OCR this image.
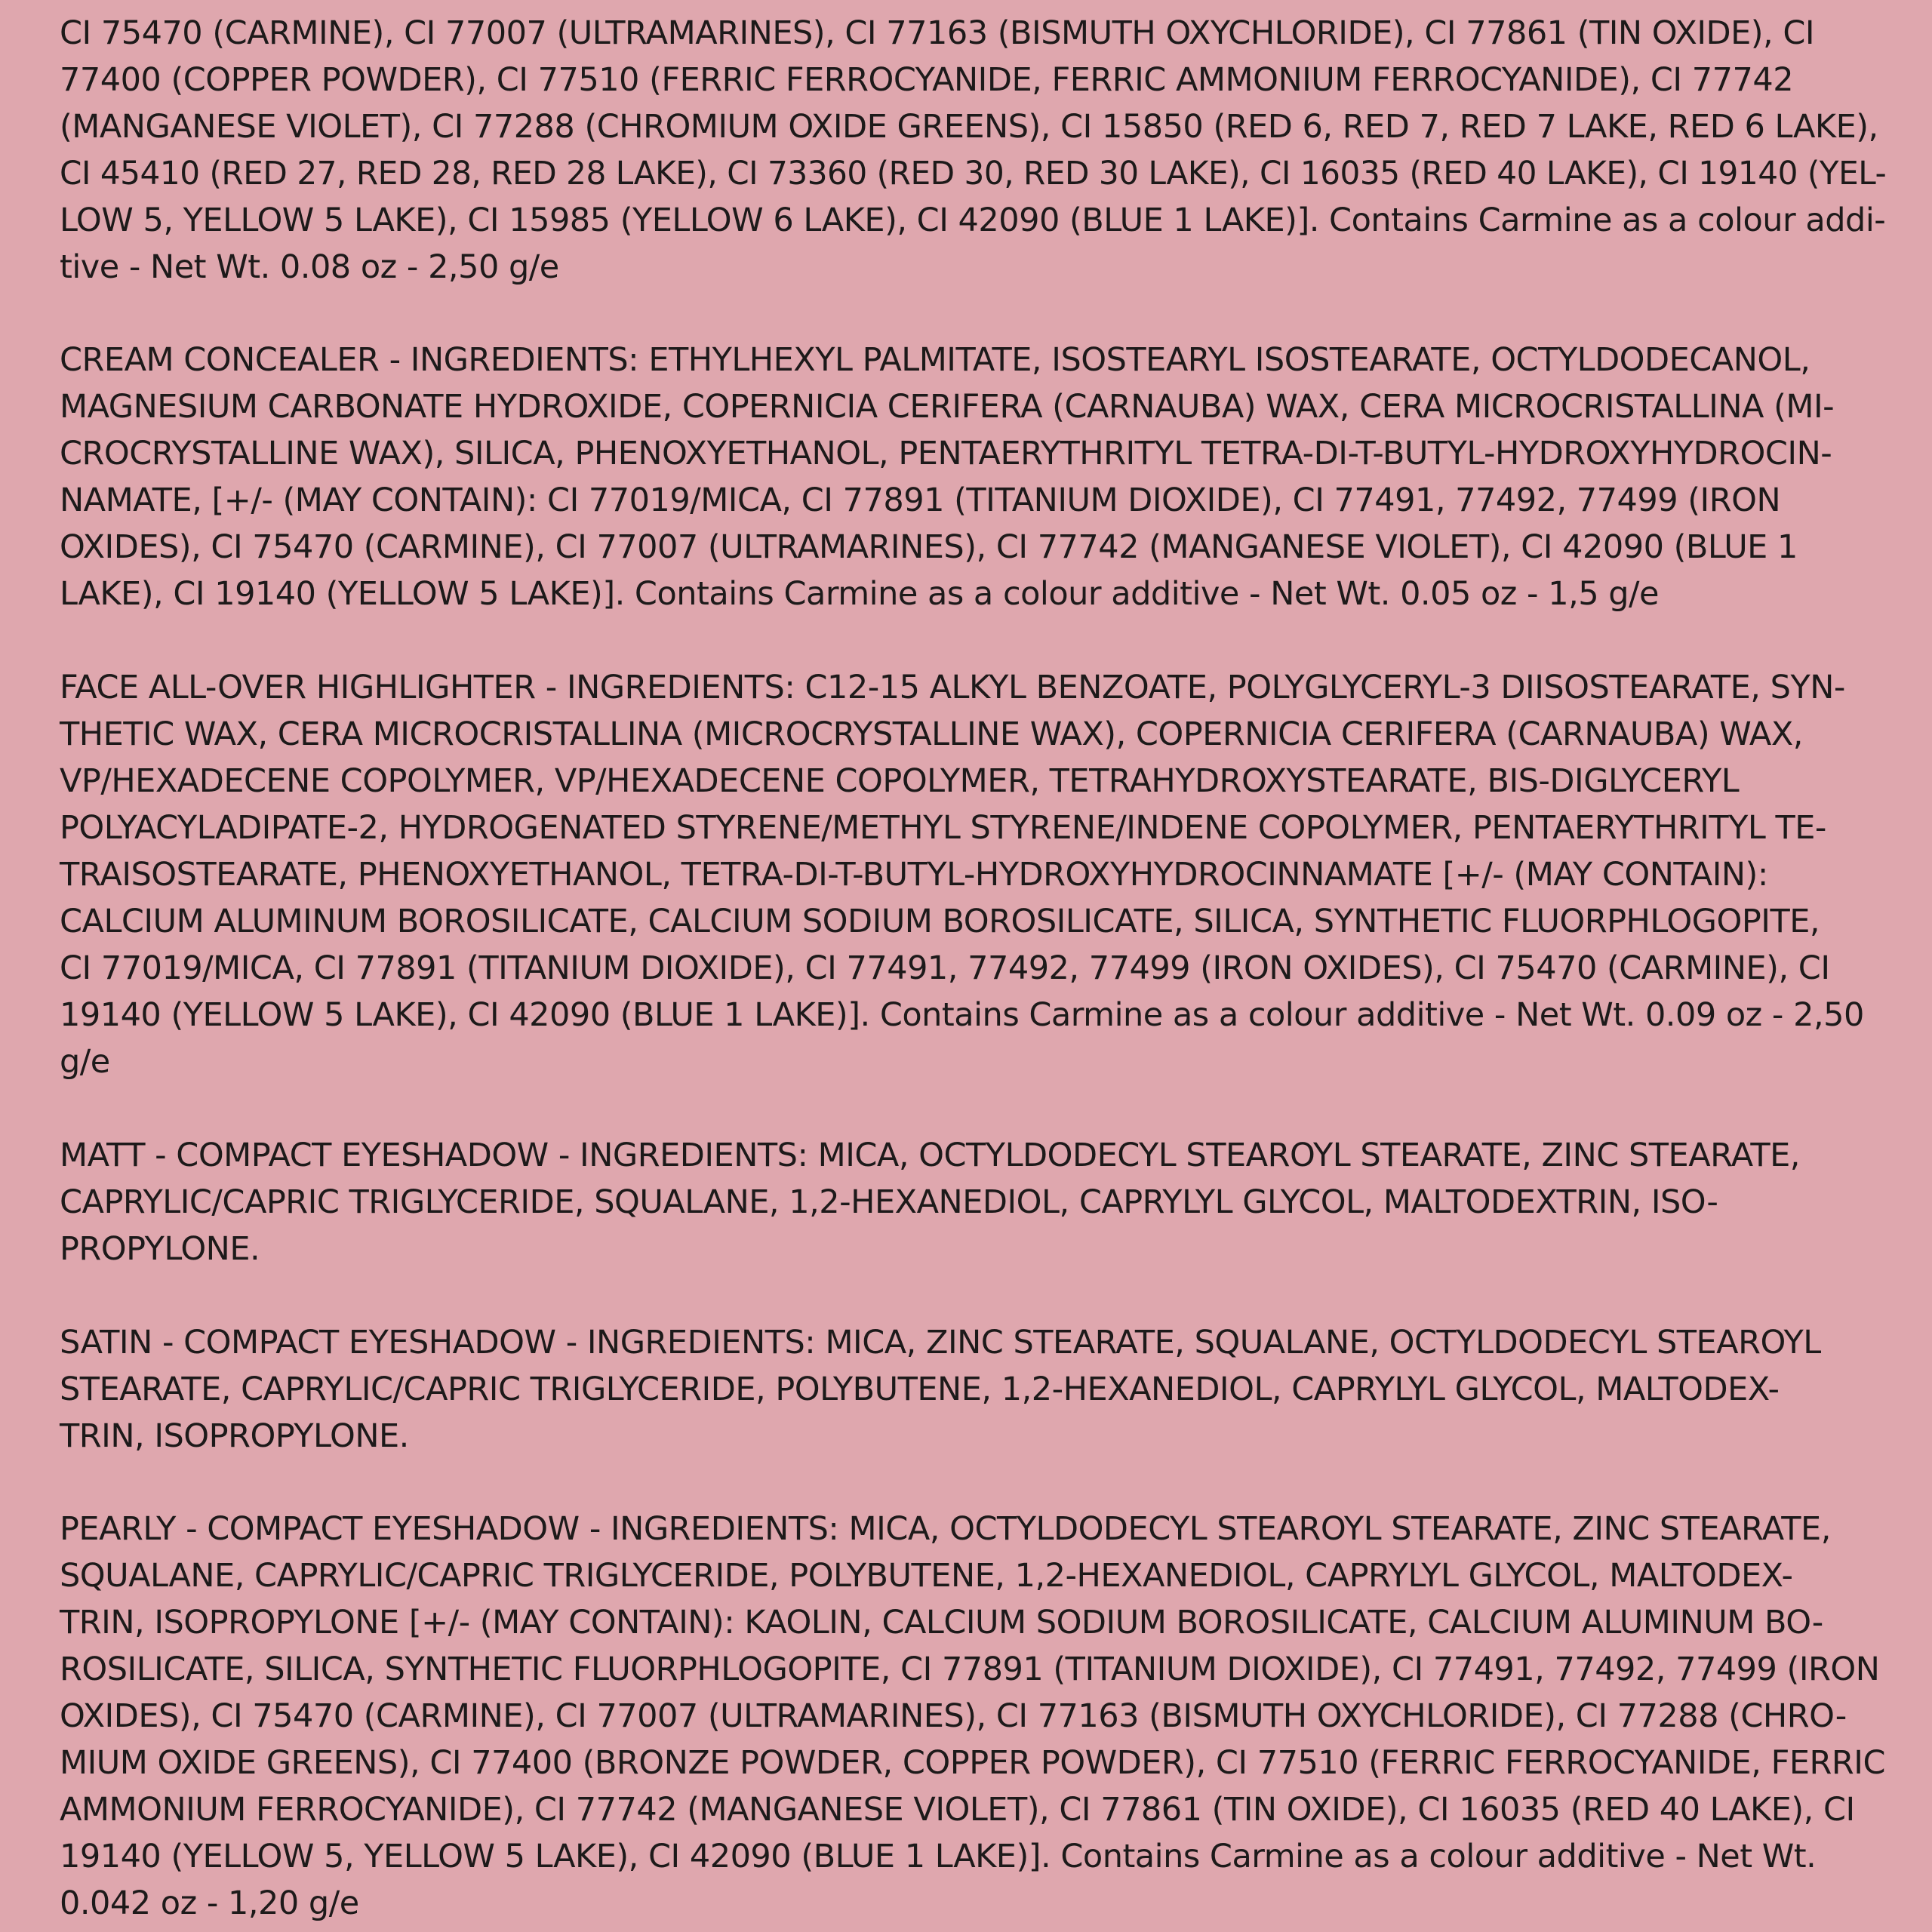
CI 75470 (CARMINE), CI 77007 (ULTRAMARINES), CI 77163 (BISMUTH OXYCHLORIDE), CI 77861 (TIN OXIDE), CI
77400 (COPPER POWDER), CI 77510 (FERRIC FERROCYANIDE, FERRIC AMMONIUM FERROCYANIDE), CI 77742
(MANGANESE VIOLET), CI 77288 (CHROMIUM OXIDE GREENS), CI 15850 (RED 6, RED 7, RED 7 LAKE, RED 6 LAKE),
CI 45410 (RED 27, RED 28, RED 28 LAKE), CI 73360 (RED 30, RED 30 LAKE), CI 16035 (RED 40 LAKE), CI 19140 (YEL-
LOW 5, YELLOW 5 LAKE), CI 15985 (YELLOW 6 LAKE), CI 42090 (BLUE 1 LAKE)]. Contains Carmine as a colour addi-
tive - Net Wt. 0.08 oz - 2,50 g/e
CREAM CONCEALER - INGREDIENTS: ETHYLHEXYL PALMITATE, ISOSTEARYL ISOSTEARATE, OCTYLDODECANOL,
MAGNESIUM CARBONATE HYDROXIDE, COPERNICIA CERIFERA (CARNAUBA) WAX, CERA MICROCRISTALLINA (MI-
CROCRYSTALLINE WAX), SILICA, PHENOXYETHANOL, PENTAERYTHRITYL TETRA-DI-T-BUTYL-HYDROXYHYDROCIN-
NAMATE, [+/- (MAY CONTAIN): CI 77019/MICA, CI 77891 (TITANIUM DIOXIDE), CI 77491, 77492, 77499 (IRON
OXIDES), CI 75470 (CARMINE), CI 77007 (ULTRAMARINES), CI 77742 (MANGANESE VIOLET), CI 42090 (BLUE 1
LAKE), CI 19140 (YELLOW 5 LAKE)]. Contains Carmine as a colour additive - Net Wt. 0.05 oz - 1,5 g/e
FACE ALL-OVER HIGHLIGHTER - INGREDIENTS: C12-15 ALKYL BENZOATE, POLYGLYCERYL-3 DIISOSTEARATE, SYN-
THETIC WAX, CERA MICROCRISTALLINA (MICROCRYSTALLINE WAX), COPERNICIA CERIFERA (CARNAUBA) WAX,
VP/HEXADECENE COPOLYMER, VP/HEXADECENE COPOLYMER, TETRAHYDROXYSTEARATE, BIS-DIGLYCERYL
POLYACYLADIPATE-2, HYDROGENATED STYRENE/METHYL STYRENE/INDENE COPOLYMER, PENTAERYTHRITYL TE-
TRAISOSTEARATE, PHENOXYETHANOL, TETRA-DI-T-BUTYL-HYDROXYHYDROCINNAMATE [+/- (MAY CONTAIN):
CALCIUM ALUMINUM BOROSILICATE, CALCIUM SODIUM BOROSILICATE, SILICA, SYNTHETIC FLUORPHLOGOPITE,
CI 77019/MICA, CI 77891 (TITANIUM DIOXIDE), CI 77491, 77492, 77499 (IRON OXIDES), CI 75470 (CARMINE), CI
19140 (YELLOW 5 LAKE), CI 42090 (BLUE 1 LAKE)]. Contains Carmine as a colour additive - Net Wt. 0.09 oz - 2,50
g/e
MATT - COMPACT EYESHADOW - INGREDIENTS: MICA, OCTYLDODECYL STEAROYL STEARATE, ZINC STEARATE,
CAPRYLIC/CAPRIC TRIGLYCERIDE, SQUALANE, 1,2-HEXANEDIOL, CAPRYLYL GLYCOL, MALTODEXTRIN, ISO-
PROPYLONE.
SATIN - COMPACT EYESHADOW - INGREDIENTS: MICA, ZINC STEARATE, SQUALANE, OCTYLDODECYL STEAROYL
STEARATE, CAPRYLIC/CAPRIC TRIGLYCERIDE, POLYBUTENE, 1,2-HEXANEDIOL, CAPRYLYL GLYCOL, MALTODEX-
TRIN, ISOPROPYLONE.
PEARLY - COMPACT EYESHADOW - INGREDIENTS: MICA, OCTYLDODECYL STEAROYL STEARATE, ZINC STEARATE,
SQUALANE, CAPRYLIC/CAPRIC TRIGLYCERIDE, POLYBUTENE, 1,2-HEXANEDIOL, CAPRYLYL GLYCOL, MALTODEX-
TRIN, ISOPROPYLONE [+/- (MAY CONTAIN): KAOLIN, CALCIUM SODIUM BOROSILICATE, CALCIUM ALUMINUM BO-
ROSILICATE, SILICA, SYNTHETIC FLUORPHLOGOPITE, CI 77891 (TITANIUM DIOXIDE), CI 77491, 77492, 77499 (IRON
OXIDES), CI 75470 (CARMINE), CI 77007 (ULTRAMARINES), CI 77163 (BISMUTH OXYCHLORIDE), CI 77288 (CHRO-
MIUM OXIDE GREENS), CI 77400 (BRONZE POWDER, COPPER POWDER), CI 77510 (FERRIC FERROCYANIDE, FERRIC
AMMONIUM FERROCYANIDE), CI 77742 (MANGANESE VIOLET), CI 77861 (TIN OXIDE), CI 16035 (RED 40 LAKE), CI
19140 (YELLOW 5, YELLOW 5 LAKE), CI 42090 (BLUE 1 LAKE)]. Contains Carmine as a colour additive - Net Wt.
0.042 oz - 1,20 g/e
